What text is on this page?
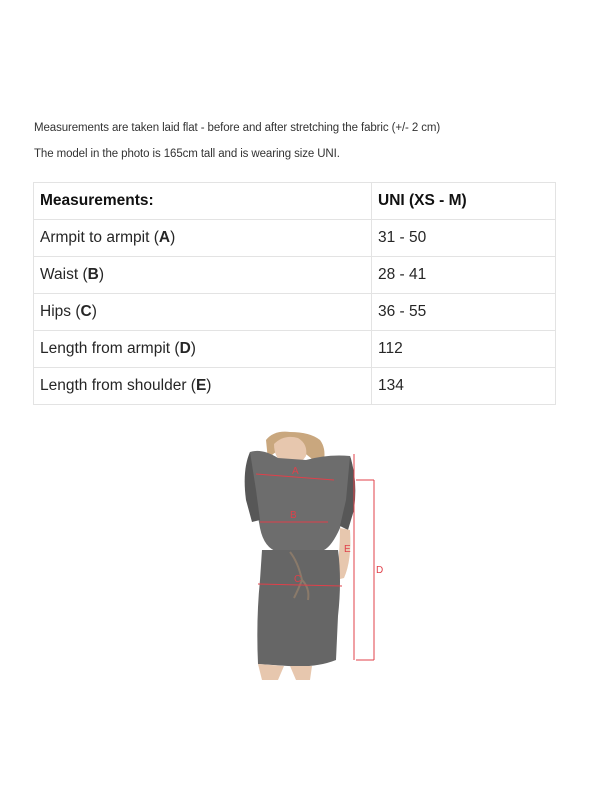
Measurements are taken laid flat - before and after stretching the fabric (+/- 2 cm)
The model in the photo is 165cm tall and is wearing size UNI.
Measurements:	UNI (XS - M)
Armpit to armpit (A)	31 - 50
Waist (B)	28 - 41
Hips (C)	36 - 55
Length from armpit (D)	112
Length from shoulder (E)	134
A
B
C
E
D
